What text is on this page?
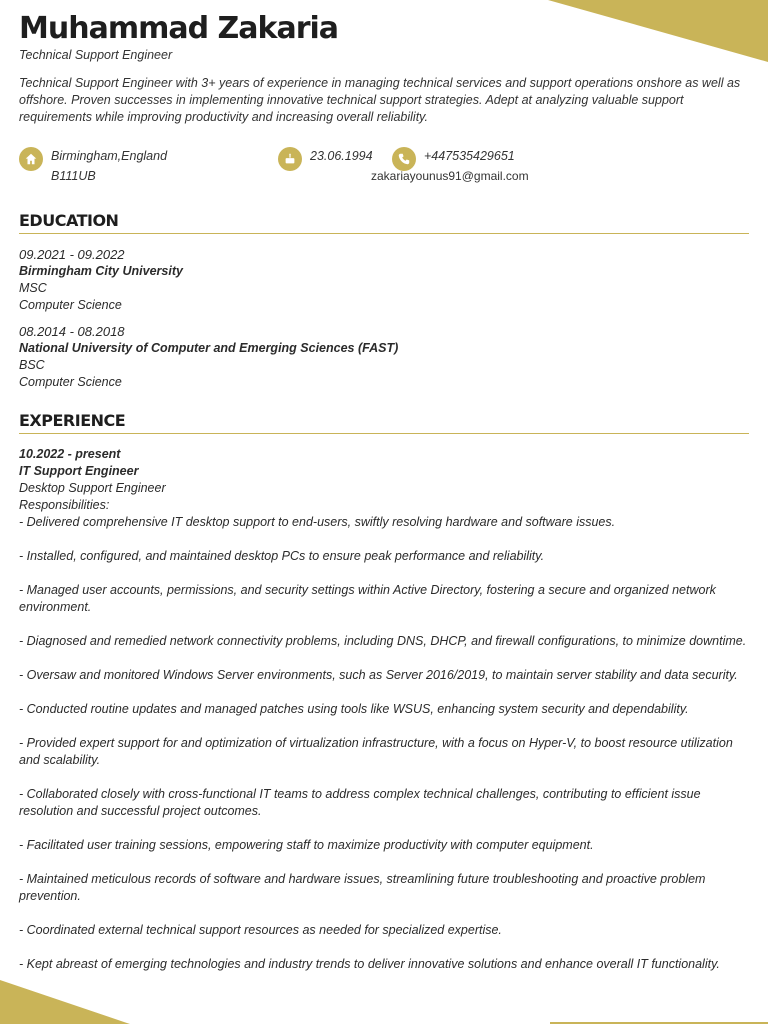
Muhammad Zakaria
Technical Support Engineer
Technical Support Engineer with 3+ years of experience in managing technical services and support operations onshore as well as offshore. Proven successes in implementing innovative technical support strategies. Adept at analyzing valuable support requirements while improving productivity and increasing overall reliability.
Birmingham,England
B111UB
23.06.1994	+447535429651
zakariayounus91@gmail.com
EDUCATION
09.2021 - 09.2022
Birmingham City University
MSC
Computer Science
08.2014 - 08.2018
National University of Computer and Emerging Sciences (FAST)
BSC
Computer Science
EXPERIENCE
10.2022 - present
IT Support Engineer
Desktop Support Engineer
Responsibilities:
- Delivered comprehensive IT desktop support to end-users, swiftly resolving hardware and software issues.
- Installed, configured, and maintained desktop PCs to ensure peak performance and reliability.
- Managed user accounts, permissions, and security settings within Active Directory, fostering a secure and organized network environment.
- Diagnosed and remedied network connectivity problems, including DNS, DHCP, and firewall configurations, to minimize downtime.
- Oversaw and monitored Windows Server environments, such as Server 2016/2019, to maintain server stability and data security.
- Conducted routine updates and managed patches using tools like WSUS, enhancing system security and dependability.
- Provided expert support for and optimization of virtualization infrastructure, with a focus on Hyper-V, to boost resource utilization and scalability.
- Collaborated closely with cross-functional IT teams to address complex technical challenges, contributing to efficient issue resolution and successful project outcomes.
- Facilitated user training sessions, empowering staff to maximize productivity with computer equipment.
- Maintained meticulous records of software and hardware issues, streamlining future troubleshooting and proactive problem prevention.
- Coordinated external technical support resources as needed for specialized expertise.
- Kept abreast of emerging technologies and industry trends to deliver innovative solutions and enhance overall IT functionality.
